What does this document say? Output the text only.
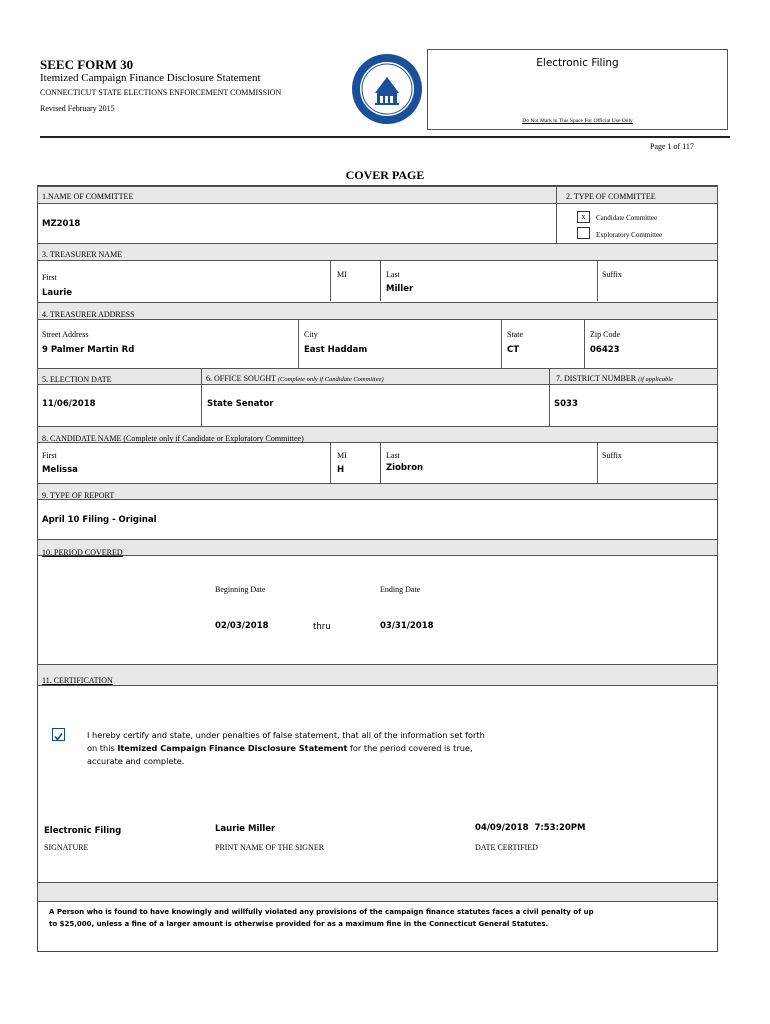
SEEC FORM 30
Itemized Campaign Finance Disclosure Statement
CONNECTICUT STATE ELECTIONS ENFORCEMENT COMMISSION
Revised February 2015
Electronic Filing
Do Not Mark in This Space For Official Use Only
Page 1 of 117
COVER PAGE
1.NAME OF COMMITTEE	2. TYPE OF COMMITTEE
MZ2018
x	Candidate Committee
Exploratory Committee
3. TREASURER NAME
First
Laurie
MI	Last
Miller
Suffix
4. TREASURER ADDRESS
Street Address
9 Palmer Martin Rd
City
East Haddam
State
CT
Zip Code
06423
5. ELECTION DATE	6. OFFICE SOUGHT (Complete only if Candidate Committee)	7. DISTRICT NUMBER (if applicable
11/06/2018	State Senator	S033
8. CANDIDATE NAME (Complete only if Candidate or Exploratory Committee)
First
Melissa
MI
H
Last
Ziobron
Suffix
9. TYPE OF REPORT
April 10 Filing - Original
10. PERIOD COVERED
Beginning Date
02/03/2018	thru
Ending Date
03/31/2018
11. CERTIFICATION
I hereby certify and state, under penalties of false statement, that all of the information set forth
on this Itemized Campaign Finance Disclosure Statement for the period covered is true,
accurate and complete.
Electronic Filing
SIGNATURE
Laurie Miller
PRINT NAME OF THE SIGNER
04/09/2018  7:53:20PM
DATE CERTIFIED
A Person who is found to have knowingly and willfully violated any provisions of the campaign finance statutes faces a civil penalty of up
to $25,000, unless a fine of a larger amount is otherwise provided for as a maximum fine in the Connecticut General Statutes.
